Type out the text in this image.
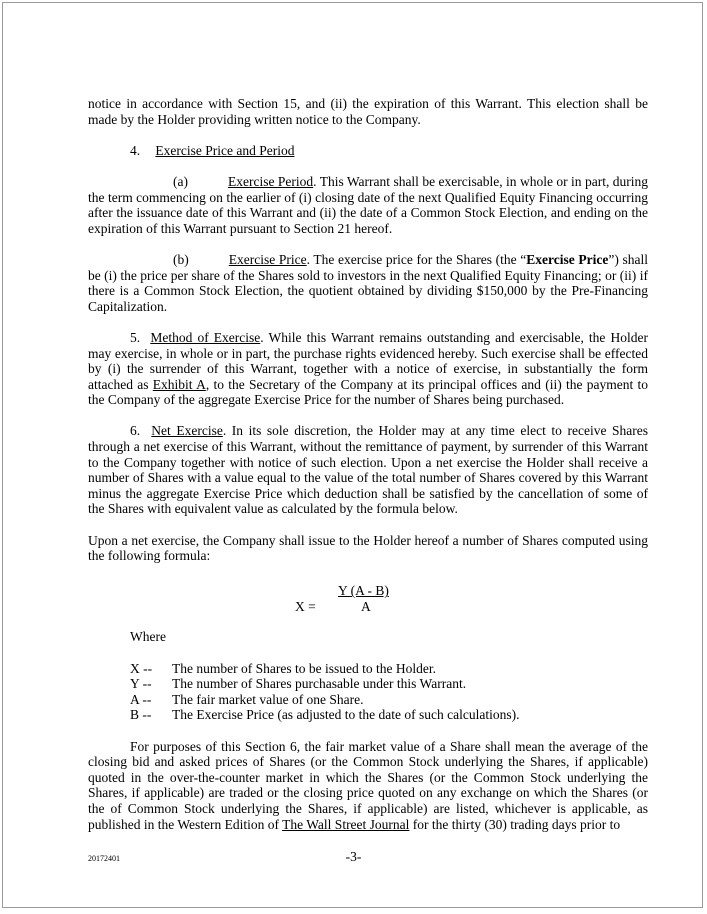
notice in accordance with Section 15, and (ii) the expiration of this Warrant. This election shall be made by the Holder providing written notice to the Company.

4. Exercise Price and Period

(a)	Exercise Period. This Warrant shall be exercisable, in whole or in part, during the term commencing on the earlier of (i) closing date of the next Qualified Equity Financing occurring after the issuance date of this Warrant and (ii) the date of a Common Stock Election, and ending on the expiration of this Warrant pursuant to Section 21 hereof.

(b)	Exercise Price. The exercise price for the Shares (the “Exercise Price”) shall be (i) the price per share of the Shares sold to investors in the next Qualified Equity Financing; or (ii) if there is a Common Stock Election, the quotient obtained by dividing $150,000 by the Pre-Financing Capitalization.

5. Method of Exercise. While this Warrant remains outstanding and exercisable, the Holder may exercise, in whole or in part, the purchase rights evidenced hereby. Such exercise shall be effected by (i) the surrender of this Warrant, together with a notice of exercise, in substantially the form attached as Exhibit A, to the Secretary of the Company at its principal offices and (ii) the payment to the Company of the aggregate Exercise Price for the number of Shares being purchased.

6. Net Exercise. In its sole discretion, the Holder may at any time elect to receive Shares through a net exercise of this Warrant, without the remittance of payment, by surrender of this Warrant to the Company together with notice of such election. Upon a net exercise the Holder shall receive a number of Shares with a value equal to the value of the total number of Shares covered by this Warrant minus the aggregate Exercise Price which deduction shall be satisfied by the cancellation of some of the Shares with equivalent value as calculated by the formula below.

Upon a net exercise, the Company shall issue to the Holder hereof a number of Shares computed using the following formula:

X =
Y (A - B)
A
Where
X --	The number of Shares to be issued to the Holder.
Y --	The number of Shares purchasable under this Warrant.
A --	The fair market value of one Share.
B --	The Exercise Price (as adjusted to the date of such calculations).

For purposes of this Section 6, the fair market value of a Share shall mean the average of the closing bid and asked prices of Shares (or the Common Stock underlying the Shares, if applicable) quoted in the over-the-counter market in which the Shares (or the Common Stock underlying the Shares, if applicable) are traded or the closing price quoted on any exchange on which the Shares (or the of Common Stock underlying the Shares, if applicable) are listed, whichever is applicable, as published in the Western Edition of The Wall Street Journal for the thirty (30) trading days prior to

20172401	-3-
